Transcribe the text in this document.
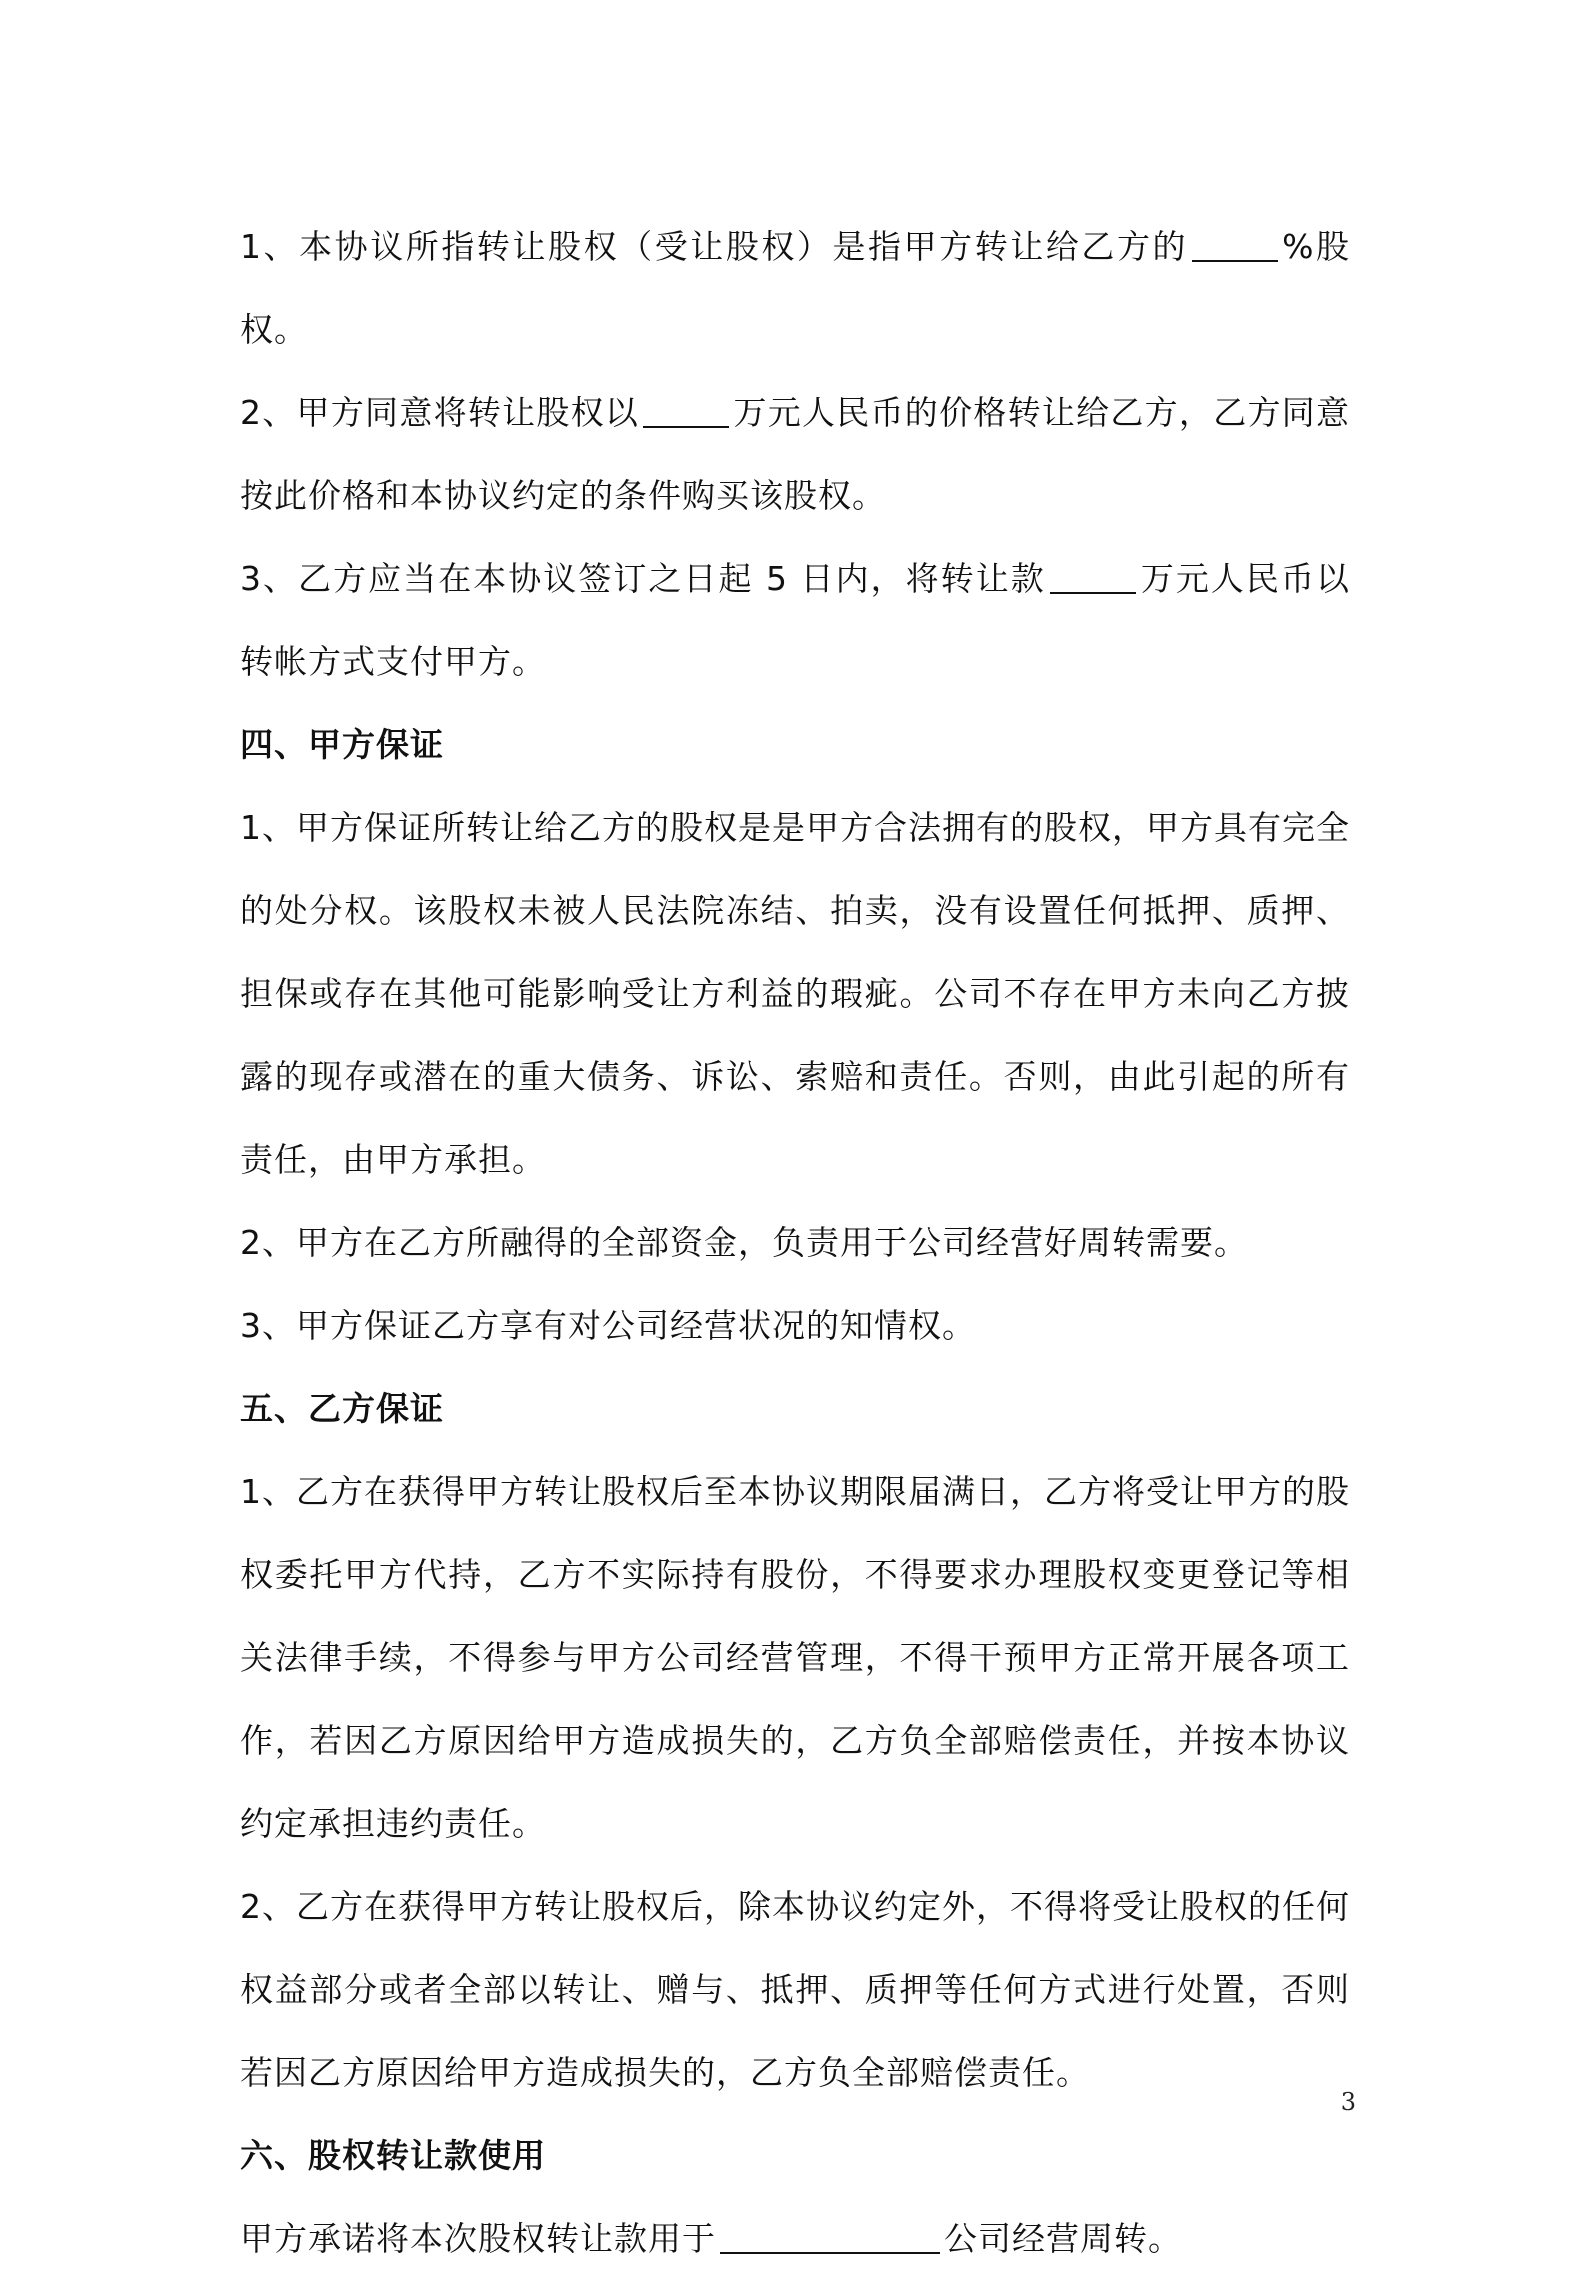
1、本协议所指转让股权（受让股权）是指甲方转让给乙方的	%股权。

2、甲方同意将转让股权以	万元人民币的价格转让给乙方，乙方同意按此价格和本协议约定的条件购买该股权。

3、乙方应当在本协议签订之日起 5 日内，将转让款	万元人民币以转帐方式支付甲方。

四、甲方保证

1、甲方保证所转让给乙方的股权是是甲方合法拥有的股权，甲方具有完全的处分权。该股权未被人民法院冻结、拍卖，没有设置任何抵押、质押、担保或存在其他可能影响受让方利益的瑕疵。公司不存在甲方未向乙方披露的现存或潜在的重大债务、诉讼、索赔和责任。否则，由此引起的所有责任，由甲方承担。

2、甲方在乙方所融得的全部资金，负责用于公司经营好周转需要。

3、甲方保证乙方享有对公司经营状况的知情权。

五、乙方保证

1、乙方在获得甲方转让股权后至本协议期限届满日，乙方将受让甲方的股权委托甲方代持，乙方不实际持有股份，不得要求办理股权变更登记等相关法律手续，不得参与甲方公司经营管理，不得干预甲方正常开展各项工作，若因乙方原因给甲方造成损失的，乙方负全部赔偿责任，并按本协议约定承担违约责任。

2、乙方在获得甲方转让股权后，除本协议约定外，不得将受让股权的任何权益部分或者全部以转让、赠与、抵押、质押等任何方式进行处置，否则若因乙方原因给甲方造成损失的，乙方负全部赔偿责任。

六、股权转让款使用

甲方承诺将本次股权转让款用于	公司经营周转。

3
